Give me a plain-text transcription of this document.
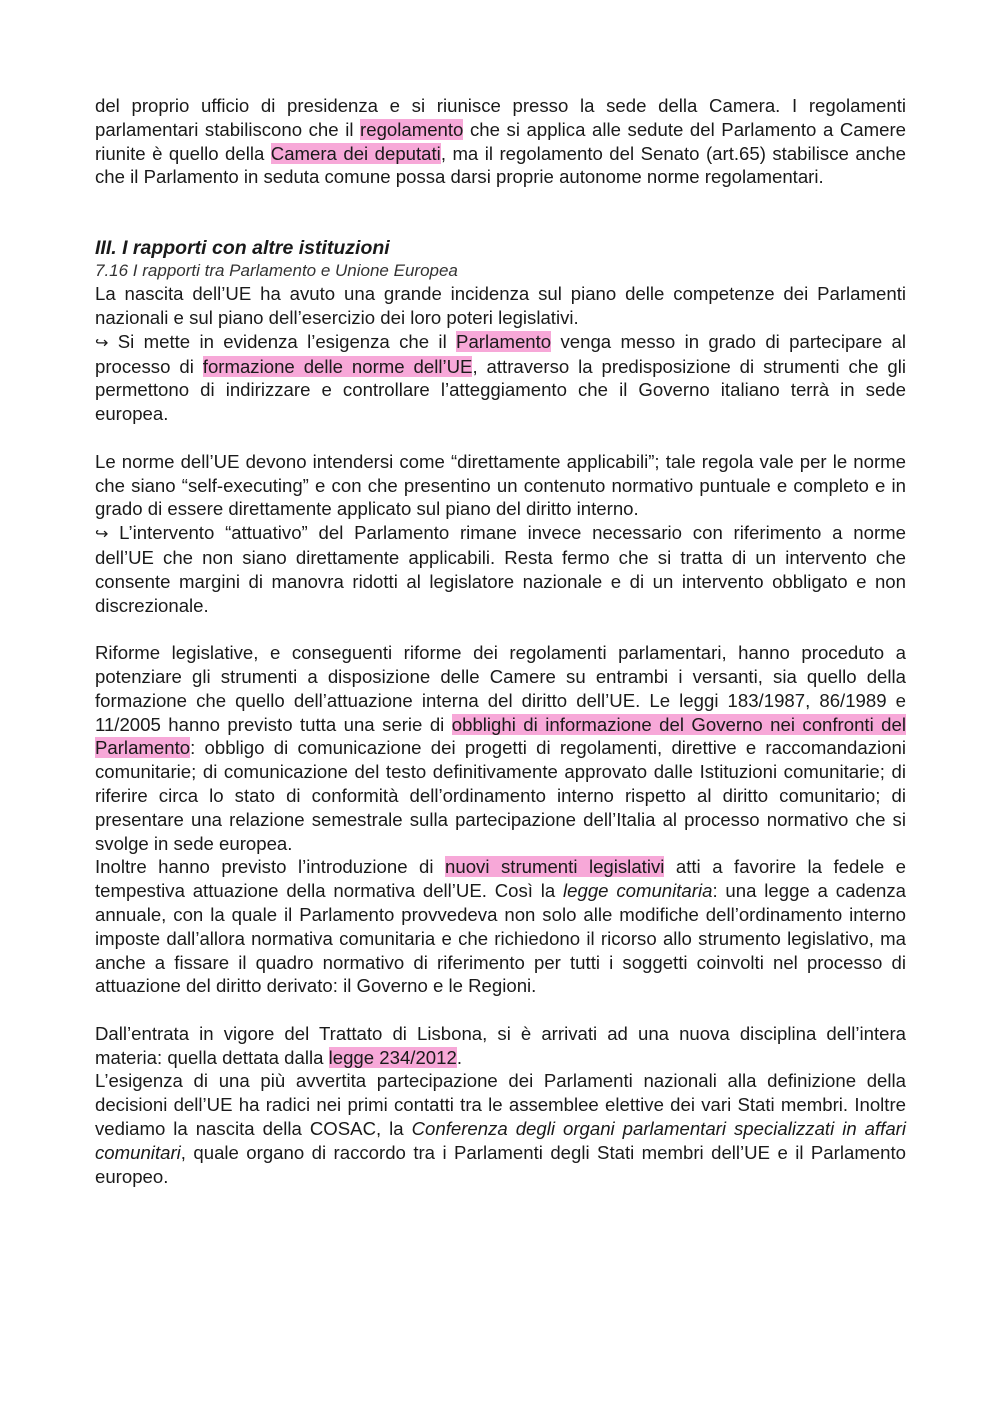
del proprio ufficio di presidenza e si riunisce presso la sede della Camera. I regolamenti parlamentari stabiliscono che il regolamento che si applica alle sedute del Parlamento a Camere riunite è quello della Camera dei deputati, ma il regolamento del Senato (art.65) stabilisce anche che il Parlamento in seduta comune possa darsi proprie autonome norme regolamentari.

III. I rapporti con altre istituzioni
7.16 I rapporti tra Parlamento e Unione Europea

La nascita dell’UE ha avuto una grande incidenza sul piano delle competenze dei Parlamenti nazionali e sul piano dell’esercizio dei loro poteri legislativi.

↪ Si mette in evidenza l’esigenza che il Parlamento venga messo in grado di partecipare al processo di formazione delle norme dell’UE, attraverso la predisposizione di strumenti che gli permettono di indirizzare e controllare l’atteggiamento che il Governo italiano terrà in sede europea.

Le norme dell’UE devono intendersi come “direttamente applicabili”; tale regola vale per le norme che siano “self-executing” e con che presentino un contenuto normativo puntuale e completo e in grado di essere direttamente applicato sul piano del diritto interno.

↪ L’intervento “attuativo” del Parlamento rimane invece necessario con riferimento a norme dell’UE che non siano direttamente applicabili. Resta fermo che si tratta di un intervento che consente margini di manovra ridotti al legislatore nazionale e di un intervento obbligato e non discrezionale.

Riforme legislative, e conseguenti riforme dei regolamenti parlamentari, hanno proceduto a potenziare gli strumenti a disposizione delle Camere su entrambi i versanti, sia quello della formazione che quello dell’attuazione interna del diritto dell’UE. Le leggi 183/1987, 86/1989 e 11/2005 hanno previsto tutta una serie di obblighi di informazione del Governo nei confronti del Parlamento: obbligo di comunicazione dei progetti di regolamenti, direttive e raccomandazioni comunitarie; di comunicazione del testo definitivamente approvato dalle Istituzioni comunitarie; di riferire circa lo stato di conformità dell’ordinamento interno rispetto al diritto comunitario; di presentare una relazione semestrale sulla partecipazione dell’Italia al processo normativo che si svolge in sede europea.

Inoltre hanno previsto l’introduzione di nuovi strumenti legislativi atti a favorire la fedele e tempestiva attuazione della normativa dell’UE. Così la legge comunitaria: una legge a cadenza annuale, con la quale il Parlamento provvedeva non solo alle modifiche dell’ordinamento interno imposte dall’allora normativa comunitaria e che richiedono il ricorso allo strumento legislativo, ma anche a fissare il quadro normativo di riferimento per tutti i soggetti coinvolti nel processo di attuazione del diritto derivato: il Governo e le Regioni.

Dall’entrata in vigore del Trattato di Lisbona, si è arrivati ad una nuova disciplina dell’intera materia: quella dettata dalla legge 234/2012.

L’esigenza di una più avvertita partecipazione dei Parlamenti nazionali alla definizione della decisioni dell’UE ha radici nei primi contatti tra le assemblee elettive dei vari Stati membri. Inoltre vediamo la nascita della COSAC, la Conferenza degli organi parlamentari specializzati in affari comunitari, quale organo di raccordo tra i Parlamenti degli Stati membri dell’UE e il Parlamento europeo.
